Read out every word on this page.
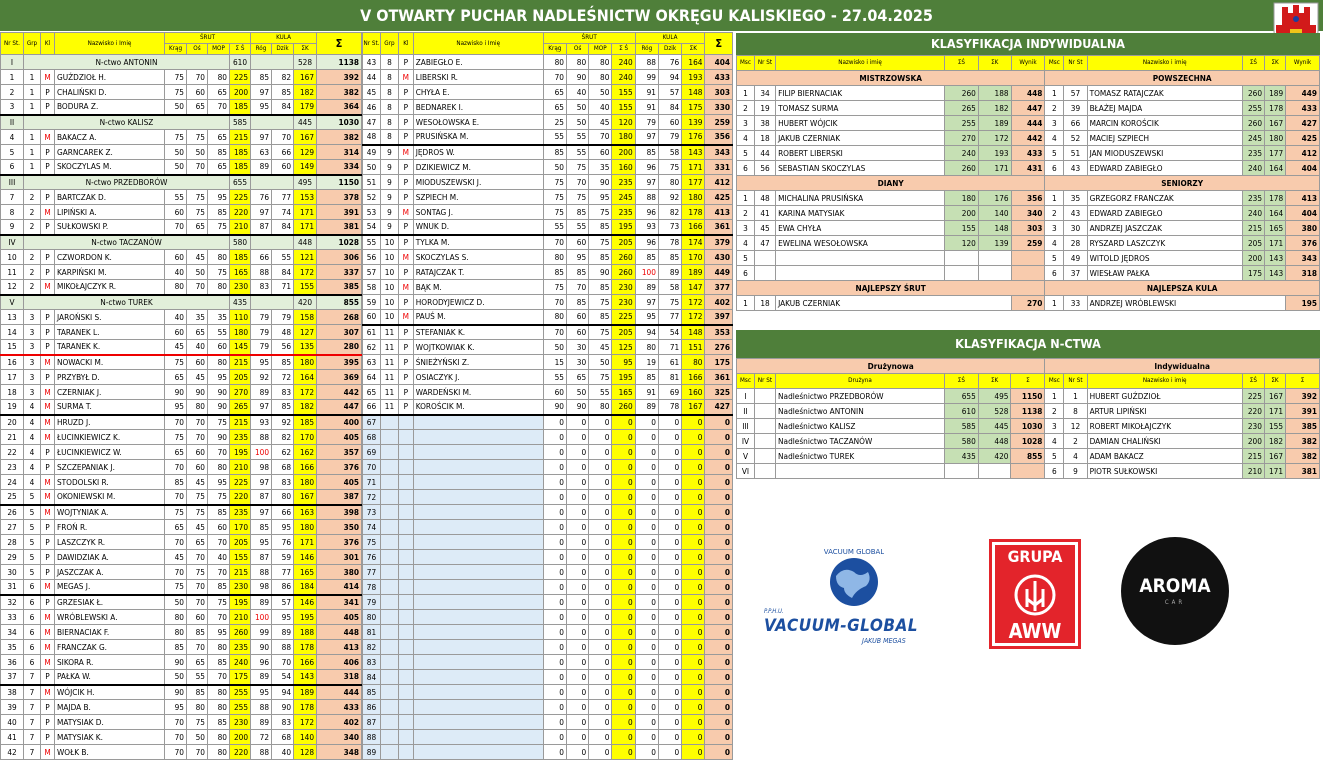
V OTWARTY PUCHAR NADLEŚNICTW OKRĘGU KALISKIEGO - 27.04.2025
Nr St.	Grp	Kl	Nazwisko i Imię	ŚRUT				KULA			Σ
				Krąg	Oś	MOP	Σ Ś	Róg	Dzik	ΣK	
I	N-ctwo ANTONIN						610			528	1138
1	1	M	GUŹDZIOŁ H.	75	70	80	225	85	82	167	392
2	1	P	CHALIŃSKI D.	75	60	65	200	97	85	182	382
3	1	P	BODURA Z.	50	65	70	185	95	84	179	364
II	N-ctwo KALISZ						585			445	1030
4	1	M	BAKACZ A.	75	75	65	215	97	70	167	382
5	1	P	GARNCAREK Z.	50	50	85	185	63	66	129	314
6	1	P	SKOCZYLAS M.	50	70	65	185	89	60	149	334
III	N-ctwo PRZEDBORÓW						655			495	1150
7	2	P	BARTCZAK D.	55	75	95	225	76	77	153	378
8	2	M	LIPIŃSKI A.	60	75	85	220	97	74	171	391
9	2	P	SUŁKOWSKI P.	70	65	75	210	87	84	171	381
IV	N-ctwo TACZANÓW						580			448	1028
10	2	P	CZWORDON K.	60	45	80	185	66	55	121	306
11	2	P	KARPIŃSKI M.	40	50	75	165	88	84	172	337
12	2	M	MIKOŁAJCZYK R.	80	70	80	230	83	71	155	385
V	N-ctwo TUREK						435			420	855
13	3	P	JAROŃSKI S.	40	35	35	110	79	79	158	268
14	3	P	TARANEK L.	60	65	55	180	79	48	127	307
15	3	P	TARANEK K.	45	40	60	145	79	56	135	280
16	3	M	NOWACKI M.	75	60	80	215	95	85	180	395
17	3	P	PRZYBYŁ D.	65	45	95	205	92	72	164	369
18	3	M	CZERNIAK J.	90	90	90	270	89	83	172	442
19	4	M	SURMA T.	95	80	90	265	97	85	182	447
20	4	M	HRUZD J.	70	70	75	215	93	92	185	400
21	4	M	ŁUCINKIEWICZ K.	75	70	90	235	88	82	170	405
22	4	P	ŁUCINKIEWICZ W.	65	60	70	195	100	62	162	357
23	4	P	SZCZEPANIAK J.	70	60	80	210	98	68	166	376
24	4	M	STODOLSKI R.	85	45	95	225	97	83	180	405
25	5	M	OKONIEWSKI M.	70	75	75	220	87	80	167	387
26	5	M	WOJTYNIAK A.	75	75	85	235	97	66	163	398
27	5	P	FROŃ R.	65	45	60	170	85	95	180	350
28	5	P	LASZCZYK R.	70	65	70	205	95	76	171	376
29	5	P	DAWIDZIAK A.	45	70	40	155	87	59	146	301
30	5	P	JASZCZAK A.	70	75	70	215	88	77	165	380
31	6	M	MEGAS J.	75	70	85	230	98	86	184	414
32	6	P	GRZESIAK Ł.	50	70	75	195	89	57	146	341
33	6	M	WRÓBLEWSKI A.	80	60	70	210	100	95	195	405
34	6	M	BIERNACIAK F.	80	85	95	260	99	89	188	448
35	6	M	FRANCZAK G.	85	70	80	235	90	88	178	413
36	6	M	SIKORA R.	90	65	85	240	96	70	166	406
37	7	P	PAŁKA W.	50	55	70	175	89	54	143	318
38	7	M	WÓJCIK H.	90	85	80	255	95	94	189	444
39	7	P	MAJDA B.	95	80	80	255	88	90	178	433
40	7	P	MATYSIAK D.	70	75	85	230	89	83	172	402
41	7	P	MATYSIAK K.	70	50	80	200	72	68	140	340
42	7	M	WOŁK B.	70	70	80	220	88	40	128	348
Nr St.	Grp	Kl	Nazwisko i Imię	ŚRUT				KULA			Σ
				Krąg	Oś	MOP	Σ Ś	Róg	Dzik	ΣK	
43	8	P	ZABIEGŁO E.	80	80	80	240	88	76	164	404
44	8	M	LIBERSKI R.	70	90	80	240	99	94	193	433
45	8	P	CHYŁA E.	65	40	50	155	91	57	148	303
46	8	P	BEDNAREK I.	65	50	40	155	91	84	175	330
47	8	P	WESOŁOWSKA E.	25	50	45	120	79	60	139	259
48	8	P	PRUSIŃSKA M.	55	55	70	180	97	79	176	356
49	9	M	JĘDROS W.	85	55	60	200	85	58	143	343
50	9	P	DZIKIEWICZ M.	50	75	35	160	96	75	171	331
51	9	P	MIODUSZEWSKI J.	75	70	90	235	97	80	177	412
52	9	P	SZPIECH M.	75	75	95	245	88	92	180	425
53	9	M	SONTAG J.	75	85	75	235	96	82	178	413
54	9	P	WNUK D.	55	55	85	195	93	73	166	361
55	10	P	TYLKA M.	70	60	75	205	96	78	174	379
56	10	M	SKOCZYLAS S.	80	95	85	260	85	85	170	430
57	10	P	RATAJCZAK T.	85	85	90	260	100	89	189	449
58	10	M	BĄK M.	75	70	85	230	89	58	147	377
59	10	P	HORODYJEWICZ D.	70	85	75	230	97	75	172	402
60	10	M	PAUŚ M.	80	60	85	225	95	77	172	397
61	11	P	STEFANIAK K.	70	60	75	205	94	54	148	353
62	11	P	WOJTKOWIAK K.	50	30	45	125	80	71	151	276
63	11	P	ŚNIEŻYŃSKI Z.	15	30	50	95	19	61	80	175
64	11	P	OSIACZYK J.	55	65	75	195	85	81	166	361
65	11	P	WARDEŃSKI M.	60	50	55	165	91	69	160	325
66	11	P	KOROŚCIK M.	90	90	80	260	89	78	167	427
67				0	0	0	0	0	0	0	0
68				0	0	0	0	0	0	0	0
69				0	0	0	0	0	0	0	0
70				0	0	0	0	0	0	0	0
71				0	0	0	0	0	0	0	0
72				0	0	0	0	0	0	0	0
73				0	0	0	0	0	0	0	0
74				0	0	0	0	0	0	0	0
75				0	0	0	0	0	0	0	0
76				0	0	0	0	0	0	0	0
77				0	0	0	0	0	0	0	0
78				0	0	0	0	0	0	0	0
79				0	0	0	0	0	0	0	0
80				0	0	0	0	0	0	0	0
81				0	0	0	0	0	0	0	0
82				0	0	0	0	0	0	0	0
83				0	0	0	0	0	0	0	0
84				0	0	0	0	0	0	0	0
85				0	0	0	0	0	0	0	0
86				0	0	0	0	0	0	0	0
87				0	0	0	0	0	0	0	0
88				0	0	0	0	0	0	0	0
89				0	0	0	0	0	0	0	0
KLASYFIKACJA INDYWIDUALNA
Msc	Nr St	Nazwisko i imię	ΣŚ	ΣK	Wynik	Msc	Nr St	Nazwisko i imię	ΣŚ	ΣK	Wynik
MISTRZOWSKA						POWSZECHNA					
1	34	FILIP BIERNACIAK	260	188	448	1	57	TOMASZ RATAJCZAK	260	189	449
2	19	TOMASZ SURMA	265	182	447	2	39	BŁAŻEJ MAJDA	255	178	433
3	38	HUBERT WÓJCIK	255	189	444	3	66	MARCIN KOROŚCIK	260	167	427
4	18	JAKUB CZERNIAK	270	172	442	4	52	MACIEJ SZPIECH	245	180	425
5	44	ROBERT LIBERSKI	240	193	433	5	51	JAN MIODUSZEWSKI	235	177	412
6	56	SEBASTIAN SKOCZYLAS	260	171	431	6	43	EDWARD ZABIEGŁO	240	164	404
DIANY						SENIORZY					
1	48	MICHALINA PRUSIŃSKA	180	176	356	1	35	GRZEGORZ FRANCZAK	235	178	413
2	41	KARINA MATYSIAK	200	140	340	2	43	EDWARD ZABIEGŁO	240	164	404
3	45	EWA CHYŁA	155	148	303	3	30	ANDRZEJ JASZCZAK	215	165	380
4	47	EWELINA WESOŁOWSKA	120	139	259	4	28	RYSZARD LASZCZYK	205	171	376
5						5	49	WITOLD JĘDROS	200	143	343
6						6	37	WIESŁAW PAŁKA	175	143	318
NAJLEPSZY ŚRUT						NAJLEPSZA KULA					
1	18	JAKUB CZERNIAK			270	1	33	ANDRZEJ WRÓBLEWSKI			195
KLASYFIKACJA N-CTWA
Drużynowa						Indywidualna					
Msc	Nr St	Drużyna	ΣŚ	ΣK	Σ	Msc	Nr St	Nazwisko i imię	ΣŚ	ΣK	Σ
I		Nadleśnictwo PRZEDBORÓW	655	495	1150	1	1	HUBERT GUŹDZIOŁ	225	167	392
II		Nadleśnictwo ANTONIN	610	528	1138	2	8	ARTUR LIPIŃSKI	220	171	391
III		Nadleśnictwo KALISZ	585	445	1030	3	12	ROBERT MIKOŁAJCZYK	230	155	385
IV		Nadleśnictwo TACZANÓW	580	448	1028	4	2	DAMIAN CHALIŃSKI	200	182	382
V		Nadleśnictwo TUREK	435	420	855	5	4	ADAM BAKACZ	215	167	382
VI						6	9	PIOTR SUŁKOWSKI	210	171	381
VACUUM GLOBAL
P.P.H.U.
VACUUM-GLOBAL
JAKUB MEGAS
GRUPA
AWW
AROMA
CAR
